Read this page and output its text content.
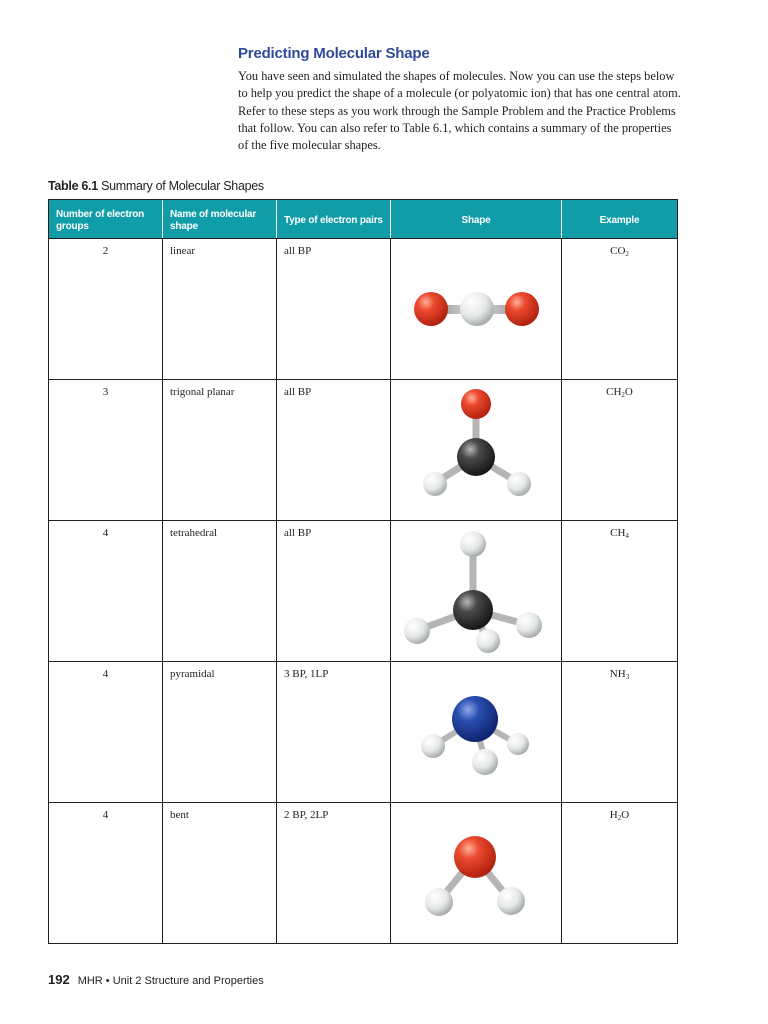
Predicting Molecular Shape

You have seen and simulated the shapes of molecules. Now you can use the steps below to help you predict the shape of a molecule (or polyatomic ion) that has one central atom. Refer to these steps as you work through the Sample Problem and the Practice Problems that follow. You can also refer to Table 6.1, which contains a summary of the properties of the five molecular shapes.

Table 6.1 Summary of Molecular Shapes
Number of electron groups	Name of molecular shape	Type of electron pairs	Shape	Example
2	linear	all BP		$CO_2$
3	trigonal planar	all BP		$CH_2O$
4	tetrahedral	all BP		$CH_4$
4	pyramidal	3 BP, 1LP		$NH_3$
4	bent	2 BP, 2LP		$H_2O$
192 MHR • Unit 2 Structure and Properties
